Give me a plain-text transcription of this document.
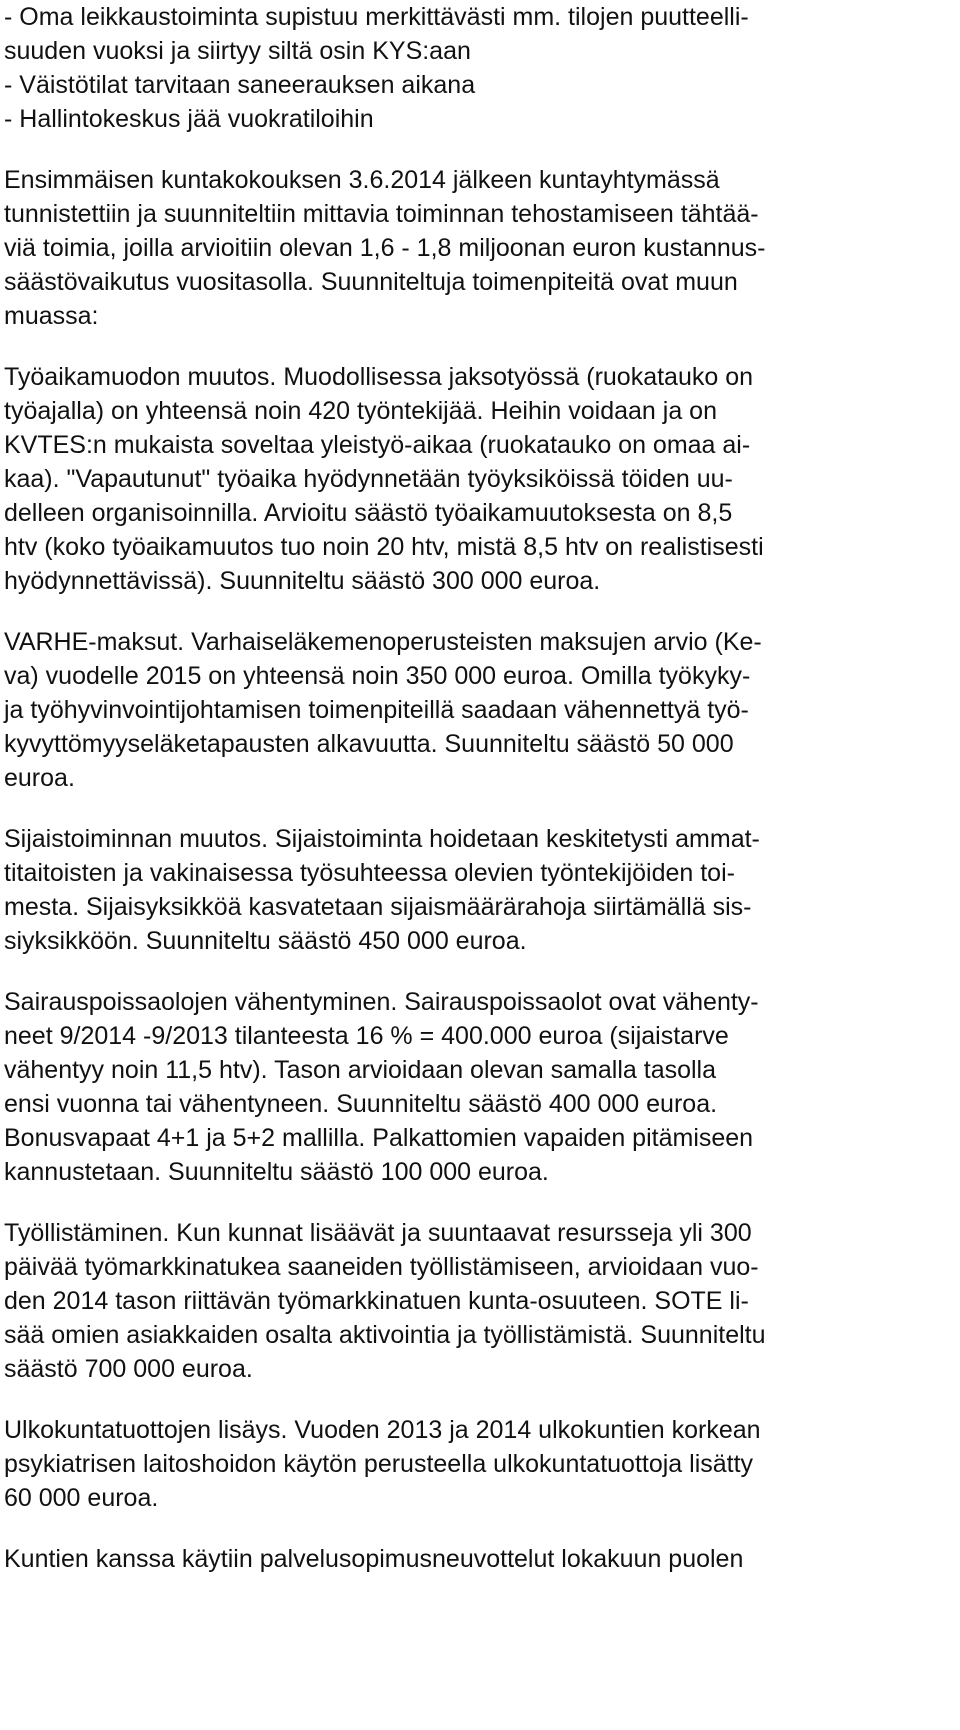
- Oma leikkaustoiminta supistuu merkittävästi mm. tilojen puutteelli-
suuden vuoksi ja siirtyy siltä osin KYS:aan
- Väistötilat tarvitaan saneerauksen aikana
- Hallintokeskus jää vuokratiloihin
Ensimmäisen kuntakokouksen 3.6.2014 jälkeen kuntayhtymässä
tunnistettiin ja suunniteltiin mittavia toiminnan tehostamiseen tähtää-
viä toimia, joilla arvioitiin olevan 1,6 - 1,8 miljoonan euron kustannus-
säästövaikutus vuositasolla. Suunniteltuja toimenpiteitä ovat muun
muassa:
Työaikamuodon muutos. Muodollisessa jaksotyössä (ruokatauko on
työajalla) on yhteensä noin 420 työntekijää. Heihin voidaan ja on
KVTES:n mukaista soveltaa yleistyö-aikaa (ruokatauko on omaa ai-
kaa). "Vapautunut" työaika hyödynnetään työyksiköissä töiden uu-
delleen organisoinnilla. Arvioitu säästö työaikamuutoksesta on 8,5
htv (koko työaikamuutos tuo noin 20 htv, mistä 8,5 htv on realistisesti
hyödynnettävissä). Suunniteltu säästö 300 000 euroa.
VARHE-maksut. Varhaiseläkemenoperusteisten maksujen arvio (Ke-
va) vuodelle 2015 on yhteensä noin 350 000 euroa. Omilla työkyky-
ja työhyvinvointijohtamisen toimenpiteillä saadaan vähennettyä työ-
kyvyttömyyseläketapausten alkavuutta. Suunniteltu säästö 50 000
euroa.
Sijaistoiminnan muutos. Sijaistoiminta hoidetaan keskitetysti ammat-
titaitoisten ja vakinaisessa työsuhteessa olevien työntekijöiden toi-
mesta. Sijaisyksikköä kasvatetaan sijaismäärärahoja siirtämällä sis-
siyksikköön. Suunniteltu säästö 450 000 euroa.
Sairauspoissaolojen vähentyminen. Sairauspoissaolot ovat vähenty-
neet 9/2014 -9/2013 tilanteesta 16 % = 400.000 euroa (sijaistarve
vähentyy noin 11,5 htv). Tason arvioidaan olevan samalla tasolla
ensi vuonna tai vähentyneen. Suunniteltu säästö 400 000 euroa.
Bonusvapaat 4+1 ja 5+2 mallilla. Palkattomien vapaiden pitämiseen
kannustetaan. Suunniteltu säästö 100 000 euroa.
Työllistäminen. Kun kunnat lisäävät ja suuntaavat resursseja yli 300
päivää työmarkkinatukea saaneiden työllistämiseen, arvioidaan vuo-
den 2014 tason riittävän työmarkkinatuen kunta-osuuteen. SOTE li-
sää omien asiakkaiden osalta aktivointia ja työllistämistä. Suunniteltu
säästö 700 000 euroa.
Ulkokuntatuottojen lisäys. Vuoden 2013 ja 2014 ulkokuntien korkean
psykiatrisen laitoshoidon käytön perusteella ulkokuntatuottoja lisätty
60 000 euroa.
Kuntien kanssa käytiin palvelusopimusneuvottelut lokakuun puolen
